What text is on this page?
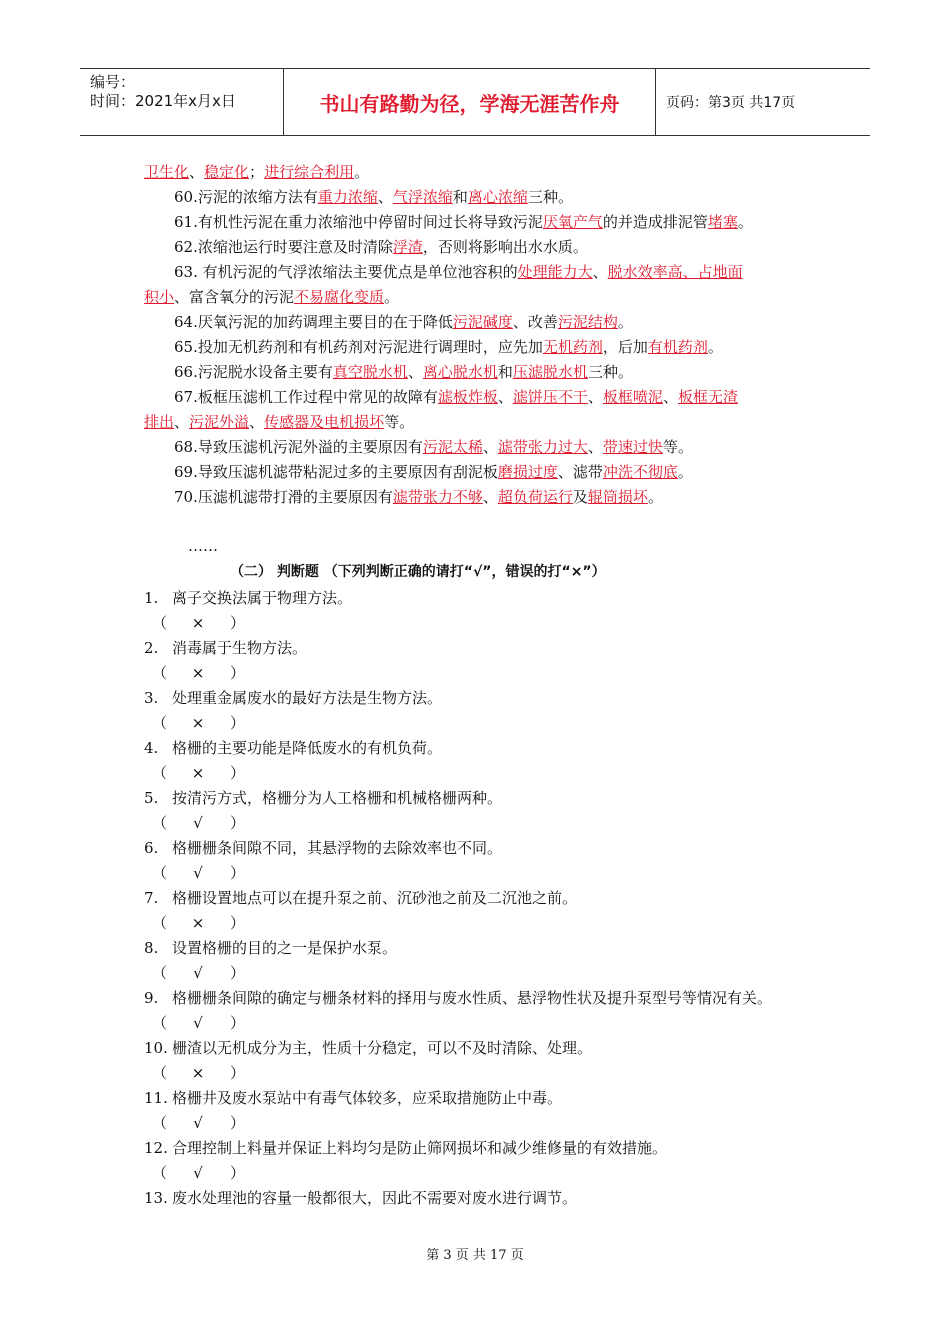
编号：
时间：2021年x月x日	书山有路勤为径，学海无涯苦作舟	页码：第3页 共17页
卫生化、稳定化；进行综合利用。
60.污泥的浓缩方法有重力浓缩、气浮浓缩和离心浓缩三种。
61.有机性污泥在重力浓缩池中停留时间过长将导致污泥厌氧产气的并造成排泥管堵塞。
62.浓缩池运行时要注意及时清除浮渣，否则将影响出水水质。
63. 有机污泥的气浮浓缩法主要优点是单位池容积的处理能力大、脱水效率高、占地面
积小、富含氧分的污泥不易腐化变质。
64.厌氧污泥的加药调理主要目的在于降低污泥碱度、改善污泥结构。
65.投加无机药剂和有机药剂对污泥进行调理时，应先加无机药剂，后加有机药剂。
66.污泥脱水设备主要有真空脱水机、离心脱水机和压滤脱水机三种。
67.板框压滤机工作过程中常见的故障有滤板炸板、滤饼压不干、板框喷泥、板框无渣
排出、污泥外溢、传感器及电机损坏等。
68.导致压滤机污泥外溢的主要原因有污泥太稀、滤带张力过大、带速过快等。
69.导致压滤机滤带粘泥过多的主要原因有刮泥板磨损过度、滤带冲洗不彻底。
70.压滤机滤带打滑的主要原因有滤带张力不够、超负荷运行及辊筒损坏。
……
（二） 判断题 （下列判断正确的请打“√”，错误的打“×”）
1. 离子交换法属于物理方法。
（ × ）
2. 消毒属于生物方法。
（ × ）
3. 处理重金属废水的最好方法是生物方法。
（ × ）
4. 格栅的主要功能是降低废水的有机负荷。
（ × ）
5. 按清污方式，格栅分为人工格栅和机械格栅两种。
（	√	）
6. 格栅栅条间隙不同，其悬浮物的去除效率也不同。
（	√	）
7. 格栅设置地点可以在提升泵之前、沉砂池之前及二沉池之前。
（ × ）
8. 设置格栅的目的之一是保护水泵。
（	√	）
9. 格栅栅条间隙的确定与栅条材料的择用与废水性质、悬浮物性状及提升泵型号等情况有关。
（	√	）
10. 栅渣以无机成分为主，性质十分稳定，可以不及时清除、处理。
（ × ）
11. 格栅井及废水泵站中有毒气体较多，应采取措施防止中毒。
（	√	）
12. 合理控制上料量并保证上料均匀是防止筛网损坏和减少维修量的有效措施。
（	√	）
13. 废水处理池的容量一般都很大，因此不需要对废水进行调节。
第 3 页 共 17 页
